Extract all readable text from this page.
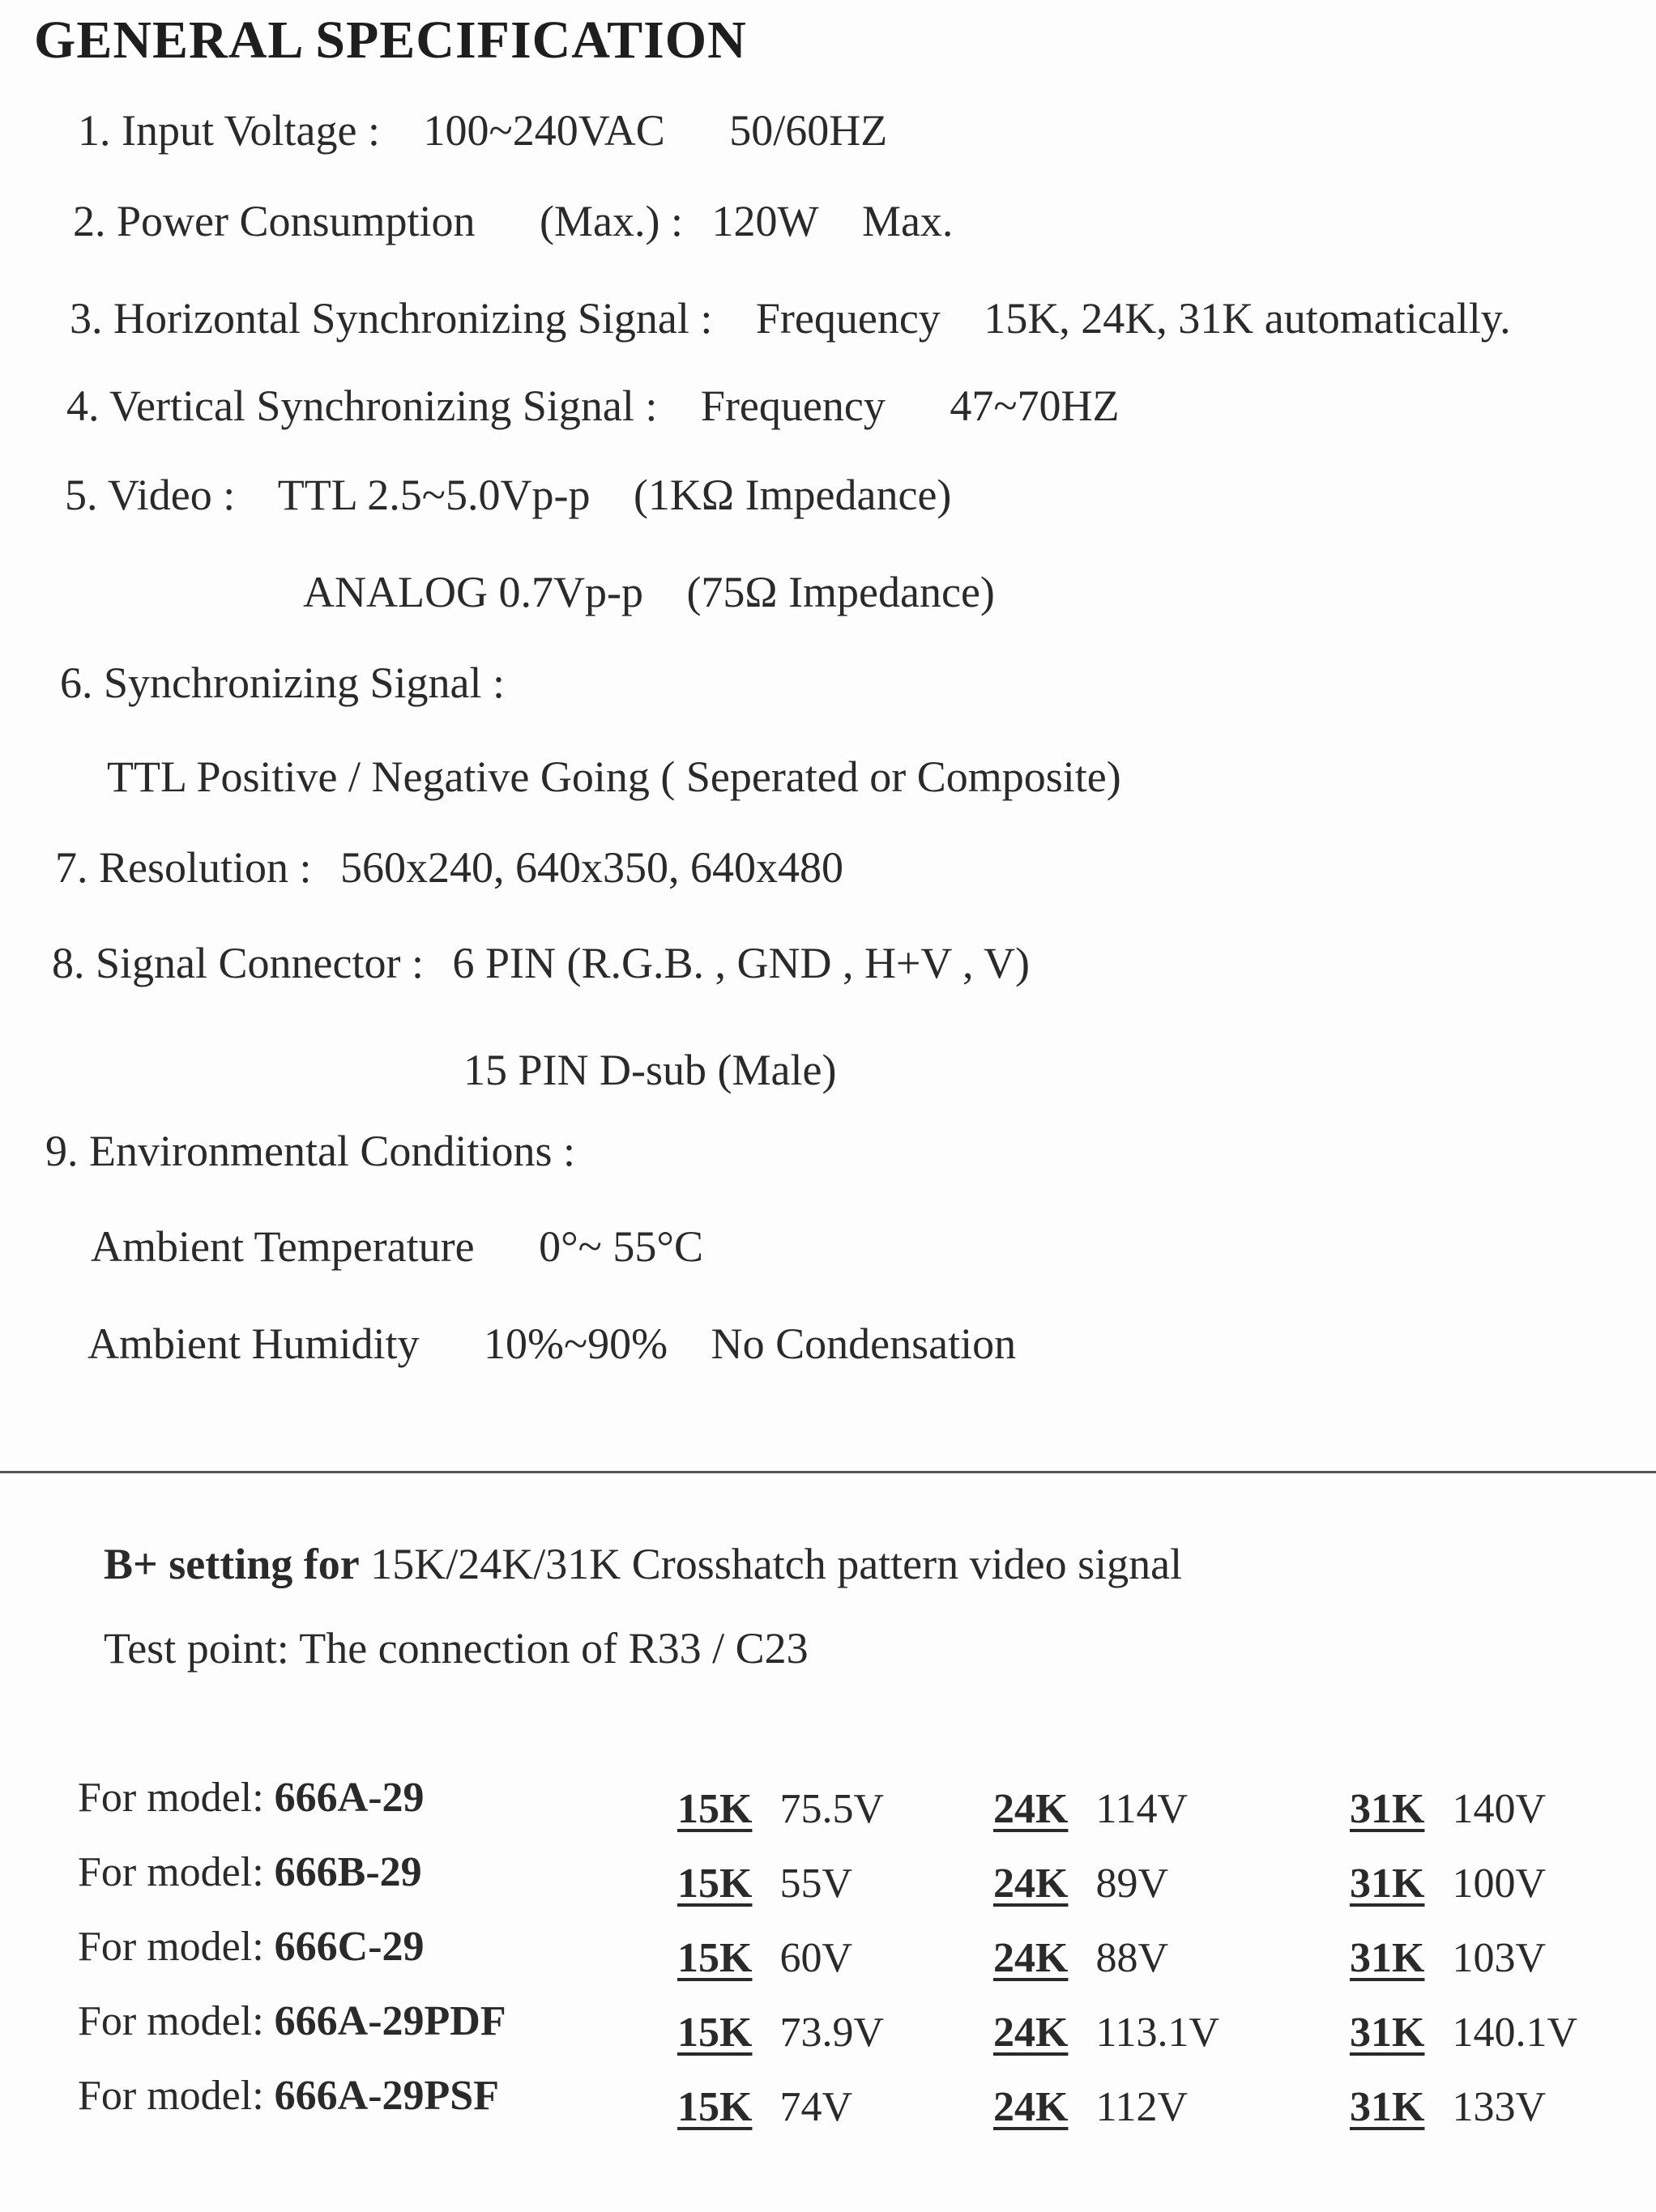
GENERAL SPECIFICATION
1. Input Voltage : 100~240VAC 50/60HZ
2. Power Consumption (Max.) : 120W Max.
3. Horizontal Synchronizing Signal : Frequency 15K, 24K, 31K automatically.
4. Vertical Synchronizing Signal : Frequency 47~70HZ
5. Video : TTL 2.5~5.0Vp-p (1KΩ Impedance)
ANALOG 0.7Vp-p (75Ω Impedance)
6. Synchronizing Signal :
TTL Positive / Negative Going ( Seperated or Composite)
7. Resolution : 560x240, 640x350, 640x480
8. Signal Connector : 6 PIN (R.G.B. , GND , H+V , V)
15 PIN D-sub (Male)
9. Environmental Conditions :
Ambient Temperature 0°~ 55°C
Ambient Humidity 10%~90% No Condensation
B+ setting for 15K/24K/31K Crosshatch pattern video signal
Test point: The connection of R33 / C23
For model: 666A-29	15K 75.5V	24K 114V	31K 140V
For model: 666B-29	15K 55V	24K 89V	31K 100V
For model: 666C-29	15K 60V	24K 88V	31K 103V
For model: 666A-29PDF	15K 73.9V	24K 113.1V	31K 140.1V
For model: 666A-29PSF	15K 74V	24K 112V	31K 133V
